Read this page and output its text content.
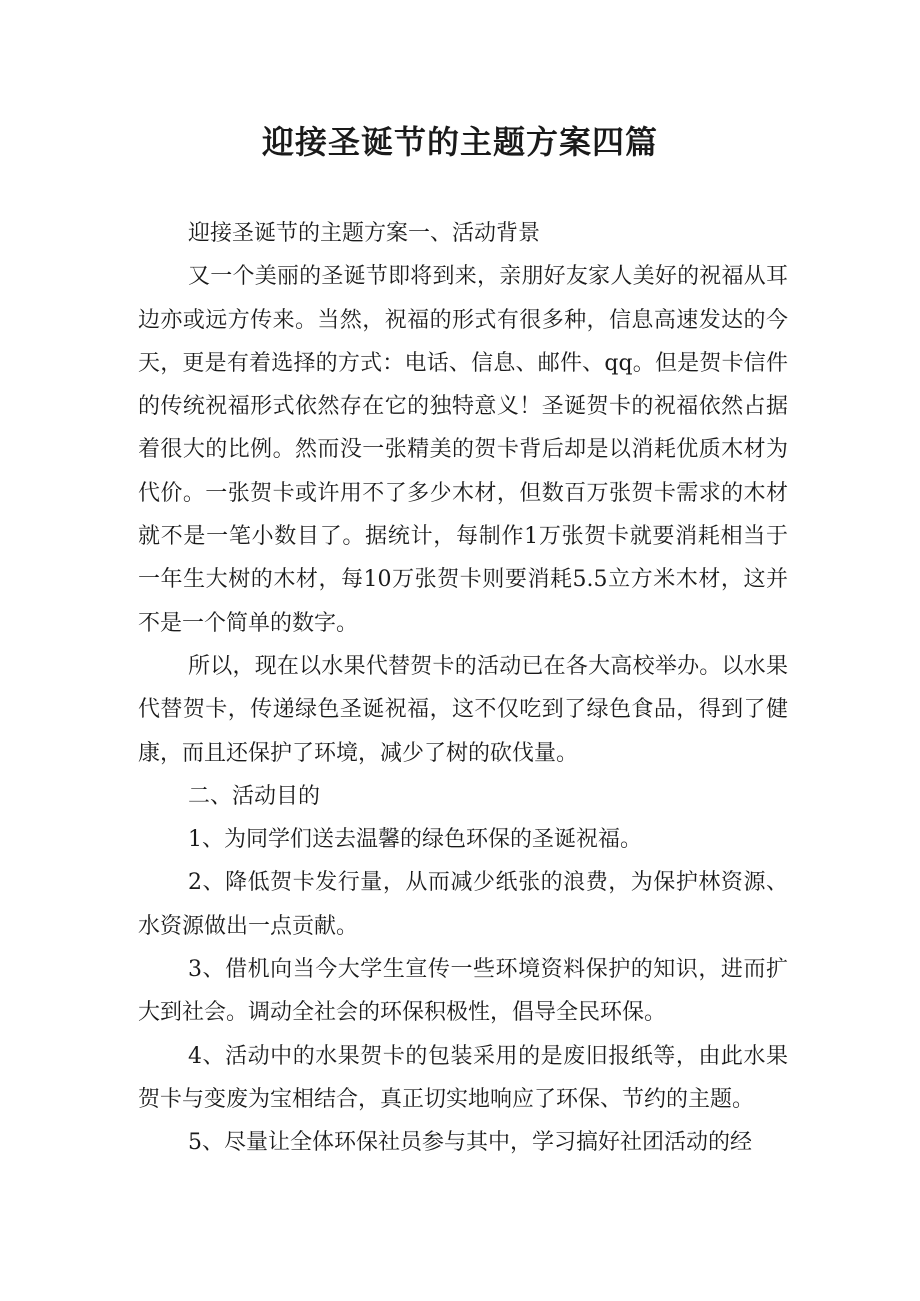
迎接圣诞节的主题方案四篇

迎接圣诞节的主题方案一、活动背景

又一个美丽的圣诞节即将到来，亲朋好友家人美好的祝福从耳边亦或远方传来。当然，祝福的形式有很多种，信息高速发达的今天，更是有着选择的方式：电话、信息、邮件、qq。但是贺卡信件的传统祝福形式依然存在它的独特意义！圣诞贺卡的祝福依然占据着很大的比例。然而没一张精美的贺卡背后却是以消耗优质木材为代价。一张贺卡或许用不了多少木材，但数百万张贺卡需求的木材就不是一笔小数目了。据统计，每制作1万张贺卡就要消耗相当于一年生大树的木材，每10万张贺卡则要消耗5.5立方米木材，这并不是一个简单的数字。

所以，现在以水果代替贺卡的活动已在各大高校举办。以水果代替贺卡，传递绿色圣诞祝福，这不仅吃到了绿色食品，得到了健康，而且还保护了环境，减少了树的砍伐量。

二、活动目的

1、为同学们送去温馨的绿色环保的圣诞祝福。

2、降低贺卡发行量，从而减少纸张的浪费，为保护林资源、水资源做出一点贡献。

3、借机向当今大学生宣传一些环境资料保护的知识，进而扩大到社会。调动全社会的环保积极性，倡导全民环保。

4、活动中的水果贺卡的包装采用的是废旧报纸等，由此水果贺卡与变废为宝相结合，真正切实地响应了环保、节约的主题。

5、尽量让全体环保社员参与其中，学习搞好社团活动的经
